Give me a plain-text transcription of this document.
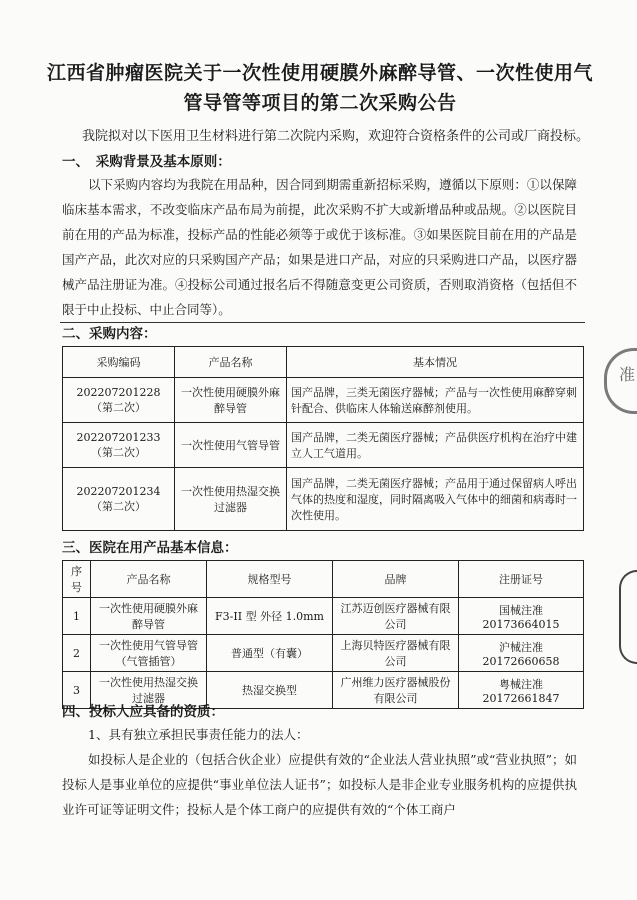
江西省肿瘤医院关于一次性使用硬膜外麻醉导管、一次性使用气管导管等项目的第二次采购公告
我院拟对以下医用卫生材料进行第二次院内采购，欢迎符合资格条件的公司或厂商投标。
一、　采购背景及基本原则：
以下采购内容均为我院在用品种，因合同到期需重新招标采购，遵循以下原则：①以保障临床基本需求，不改变临床产品布局为前提，此次采购不扩大或新增品种或品规。②以医院目前在用的产品为标准，投标产品的性能必须等于或优于该标准。③如果医院目前在用的产品是国产产品，此次对应的只采购国产产品；如果是进口产品，对应的只采购进口产品，以医疗器械产品注册证为准。④投标公司通过报名后不得随意变更公司资质，否则取消资格（包括但不限于中止投标、中止合同等）。
二、采购内容：
采购编码	产品名称	基本情况

202207201228
（第二次）	一次性使用硬膜外麻醉导管	国产品牌，三类无菌医疗器械；产品与一次性使用麻醉穿刺针配合、供临床人体输送麻醉剂使用。

202207201233
（第二次）	一次性使用气管导管	国产品牌，二类无菌医疗器械；产品供医疗机构在治疗中建立人工气道用。

202207201234
（第二次）	一次性使用热湿交换过滤器	国产品牌，二类无菌医疗器械；产品用于通过保留病人呼出气体的热度和湿度，同时隔离吸入气体中的细菌和病毒时一次性使用。
三、医院在用产品基本信息：
序号	产品名称	规格型号	品牌	注册证号
1	一次性使用硬膜外麻醉导管	F3-II 型 外径 1.0mm	江苏迈创医疗器械有限公司	国械注准 20173664015
2	一次性使用气管导管（气管插管）	普通型（有囊）	上海贝特医疗器械有限公司	沪械注准 20172660658
3	一次性使用热湿交换过滤器	热湿交换型	广州维力医疗器械股份有限公司	粤械注准 20172661847
四、投标人应具备的资质：
1、具有独立承担民事责任能力的法人：
如投标人是企业的（包括合伙企业）应提供有效的“企业法人营业执照”或“营业执照”；如投标人是事业单位的应提供“事业单位法人证书”；如投标人是非企业专业服务机构的应提供执业许可证等证明文件；投标人是个体工商户的应提供有效的“个体工商户
准
